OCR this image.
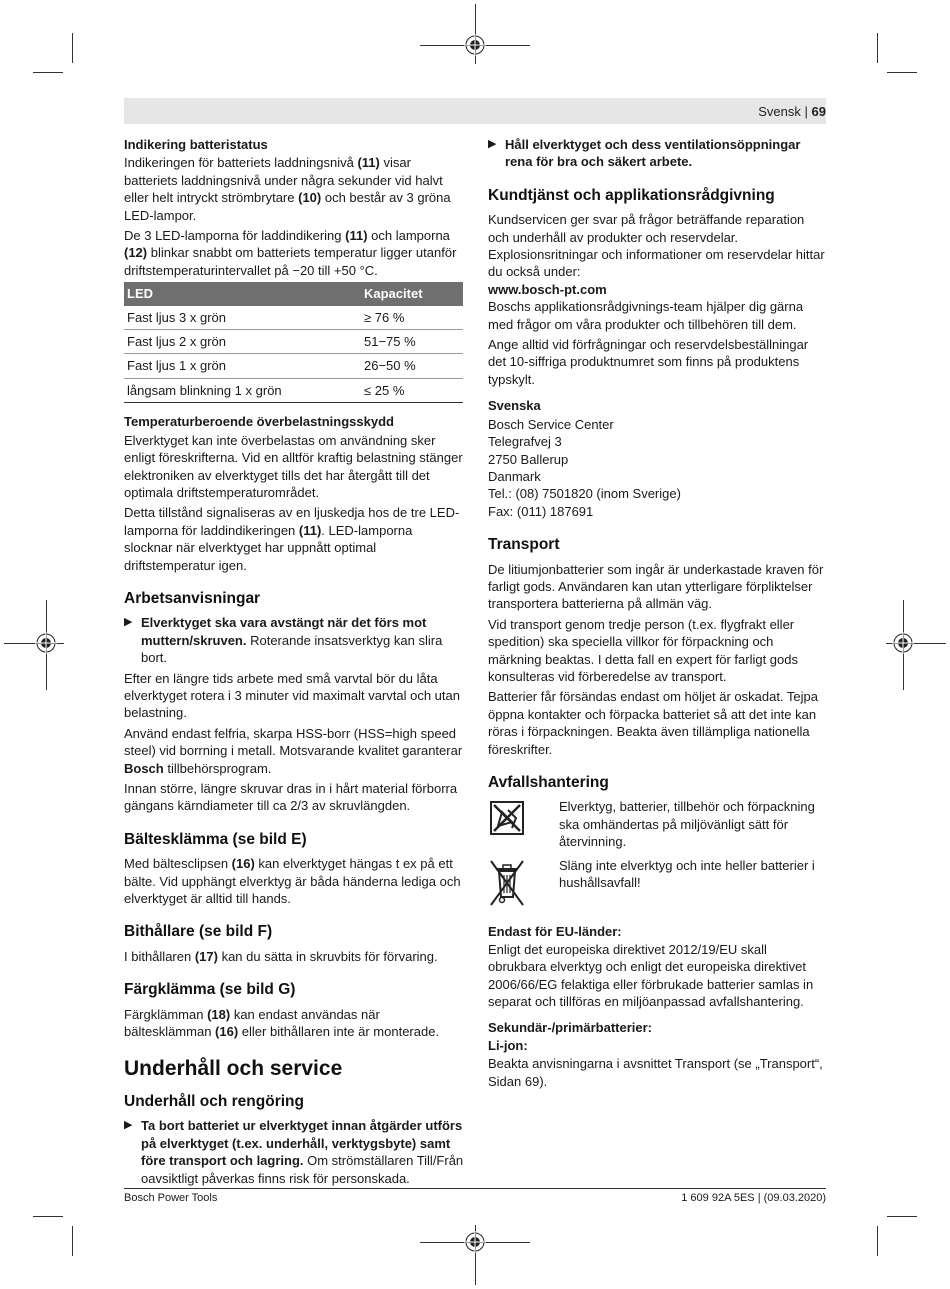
Svensk | 69
Indikering batteristatus

Indikeringen för batteriets laddningsnivå (11) visar batteriets laddningsnivå under några sekunder vid halvt eller helt intryckt strömbrytare (10) och består av 3 gröna LED-lampor.

De 3 LED-lamporna för laddindikering (11) och lamporna (12) blinkar snabbt om batteriets temperatur ligger utanför driftstemperaturintervallet på −20 till +50 °C.

LED	Kapacitet
Fast ljus 3 x grön	≥ 76 %
Fast ljus 2 x grön	51−75 %
Fast ljus 1 x grön	26−50 %
långsam blinkning 1 x grön	≤ 25 %
Temperaturberoende överbelastningsskydd

Elverktyget kan inte överbelastas om användning sker enligt föreskrifterna. Vid en alltför kraftig belastning stänger elektroniken av elverktyget tills det har återgått till det optimala driftstemperaturområdet.

Detta tillstånd signaliseras av en ljuskedja hos de tre LED-lamporna för laddindikeringen (11). LED-lamporna slocknar när elverktyget har uppnått optimal driftstemperatur igen.

Arbetsanvisningar
▶ Elverktyget ska vara avstängt när det förs mot muttern/skruven. Roterande insatsverktyg kan slira bort.

Efter en längre tids arbete med små varvtal bör du låta elverktyget rotera i 3 minuter vid maximalt varvtal och utan belastning.

Använd endast felfria, skarpa HSS-borr (HSS=high speed steel) vid borrning i metall. Motsvarande kvalitet garanterar Bosch tillbehörsprogram.

Innan större, längre skruvar dras in i hårt material förborra gängans kärndiameter till ca 2/3 av skruvlängden.

Bältesklämma (se bild E)

Med bältesclipsen (16) kan elverktyget hängas t ex på ett bälte. Vid upphängt elverktyg är båda händerna lediga och elverktyget är alltid till hands.

Bithållare (se bild F)

I bithållaren (17) kan du sätta in skruvbits för förvaring.

Färgklämma (se bild G)

Färgklämman (18) kan endast användas när bältesklämman (16) eller bithållaren inte är monterade.

Underhåll och service
Underhåll och rengöring
▶ Ta bort batteriet ur elverktyget innan åtgärder utförs på elverktyget (t.ex. underhåll, verktygsbyte) samt före transport och lagring. Om strömställaren Till/Från oavsiktligt påverkas finns risk för personskada.
▶ Håll elverktyget och dess ventilationsöppningar rena för bra och säkert arbete.
Kundtjänst och applikationsrådgivning

Kundservicen ger svar på frågor beträffande reparation och underhåll av produkter och reservdelar. Explosionsritningar och informationer om reservdelar hittar du också under:

www.bosch-pt.com

Boschs applikationsrådgivnings-team hjälper dig gärna med frågor om våra produkter och tillbehören till dem.

Ange alltid vid förfrågningar och reservdelsbeställningar det 10-siffriga produktnumret som finns på produktens typskylt.

Svenska
Bosch Service Center
Telegrafvej 3
2750 Ballerup
Danmark
Tel.: (08) 7501820 (inom Sverige)
Fax: (011) 187691
Transport

De litiumjonbatterier som ingår är underkastade kraven för farligt gods. Användaren kan utan ytterligare förpliktelser transportera batterierna på allmän väg.

Vid transport genom tredje person (t.ex. flygfrakt eller spedition) ska speciella villkor för förpackning och märkning beaktas. I detta fall en expert för farligt gods konsulteras vid förberedelse av transport.

Batterier får försändas endast om höljet är oskadat. Tejpa öppna kontakter och förpacka batteriet så att det inte kan röras i förpackningen. Beakta även tillämpliga nationella föreskrifter.

Avfallshantering
Elverktyg, batterier, tillbehör och förpackning ska omhändertas på miljövänligt sätt för återvinning.
Släng inte elverktyg och inte heller batterier i hushållsavfall!
Endast för EU-länder:

Enligt det europeiska direktivet 2012/19/EU skall obrukbara elverktyg och enligt det europeiska direktivet 2006/66/EG felaktiga eller förbrukade batterier samlas in separat och tillföras en miljöanpassad avfallshantering.

Sekundär-/primärbatterier:
Li-jon:

Beakta anvisningarna i avsnittet Transport (se „Transport“, Sidan 69).

Bosch Power Tools	1 609 92A 5ES | (09.03.2020)
